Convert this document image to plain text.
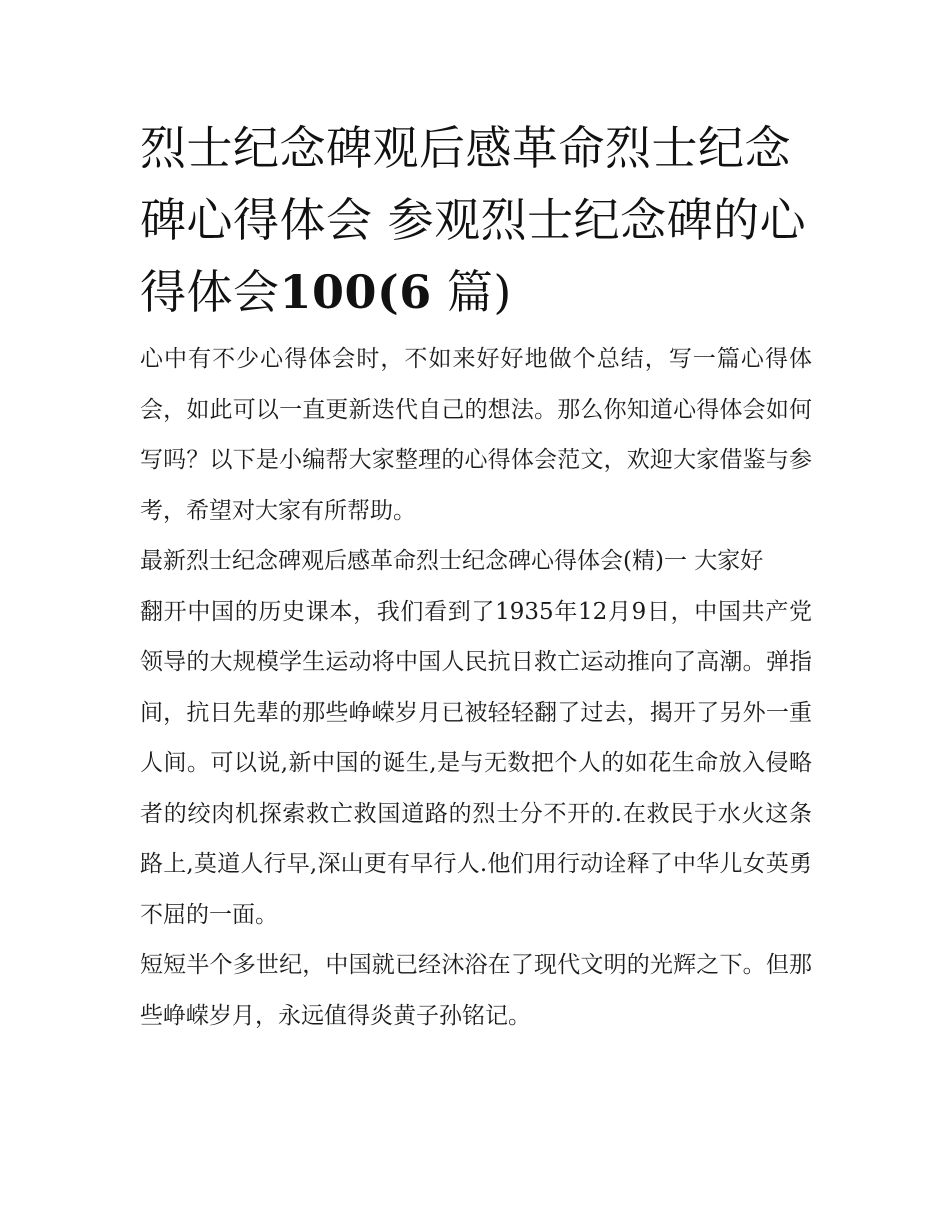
烈士纪念碑观后感革命烈士纪念碑心得体会 参观烈士纪念碑的心得体会100(6 篇)

心中有不少心得体会时，不如来好好地做个总结，写一篇心得体会，如此可以一直更新迭代自己的想法。那么你知道心得体会如何写吗？以下是小编帮大家整理的心得体会范文，欢迎大家借鉴与参考，希望对大家有所帮助。

最新烈士纪念碑观后感革命烈士纪念碑心得体会(精)一 大家好

翻开中国的历史课本，我们看到了1935年12月9日，中国共产党领导的大规模学生运动将中国人民抗日救亡运动推向了高潮。弹指间，抗日先辈的那些峥嵘岁月已被轻轻翻了过去，揭开了另外一重人间。可以说,新中国的诞生,是与无数把个人的如花生命放入侵略者的绞肉机探索救亡救国道路的烈士分不开的.在救民于水火这条路上,莫道人行早,深山更有早行人.他们用行动诠释了中华儿女英勇不屈的一面。

短短半个多世纪，中国就已经沐浴在了现代文明的光辉之下。但那些峥嵘岁月，永远值得炎黄子孙铭记。
